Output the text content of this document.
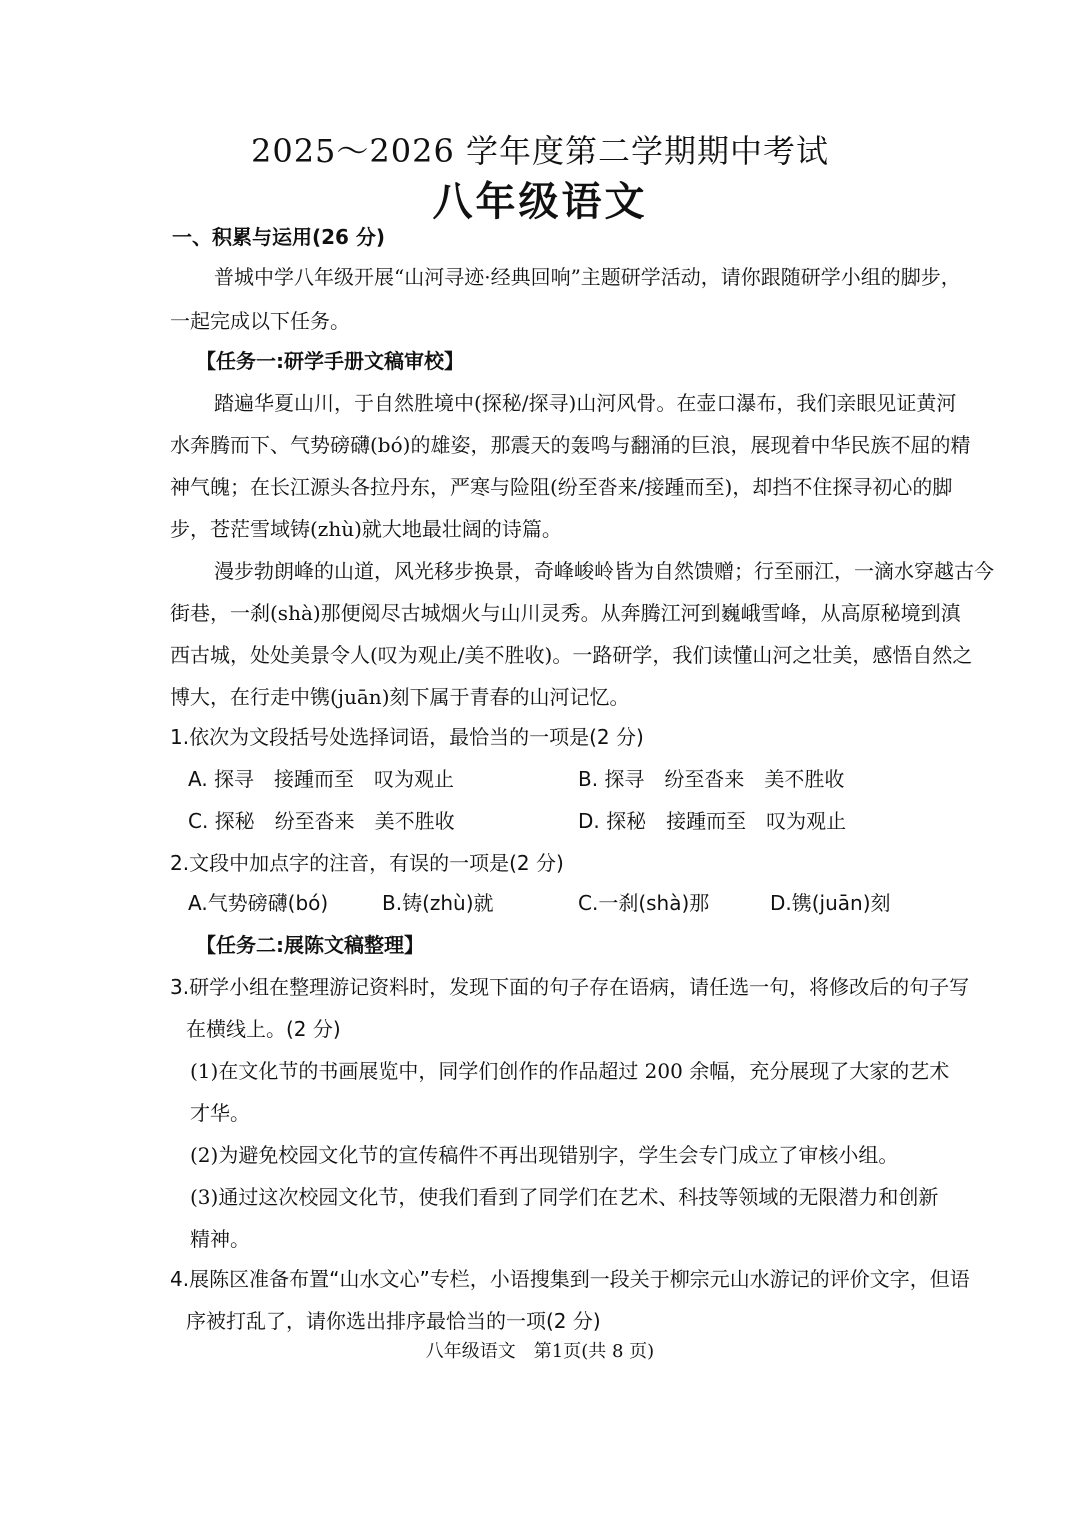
2025～2026 学年度第二学期期中考试
八年级语文
一、积累与运用(26 分)
普城中学八年级开展“山河寻迹·经典回响”主题研学活动，请你跟随研学小组的脚步，
一起完成以下任务。
【任务一:研学手册文稿审校】
踏遍华夏山川，于自然胜境中(探秘/探寻)山河风骨。在壶口瀑布，我们亲眼见证黄河
水奔腾而下、气势磅礴(bó)的雄姿，那震天的轰鸣与翻涌的巨浪，展现着中华民族不屈的精
神气魄；在长江源头各拉丹东，严寒与险阻(纷至沓来/接踵而至)，却挡不住探寻初心的脚
步，苍茫雪域铸(zhù)就大地最壮阔的诗篇。
漫步勃朗峰的山道，风光移步换景，奇峰峻岭皆为自然馈赠；行至丽江，一滴水穿越古今
街巷，一刹(shà)那便阅尽古城烟火与山川灵秀。从奔腾江河到巍峨雪峰，从高原秘境到滇
西古城，处处美景令人(叹为观止/美不胜收)。一路研学，我们读懂山河之壮美，感悟自然之
博大，在行走中镌(juān)刻下属于青春的山河记忆。
1.依次为文段括号处选择词语，最恰当的一项是(2 分)
A. 探寻　接踵而至　叹为观止	B. 探寻　纷至沓来　美不胜收
C. 探秘　纷至沓来　美不胜收	D. 探秘　接踵而至　叹为观止
2.文段中加点字的注音，有误的一项是(2 分)
A.气势磅礴(bó)	B.铸(zhù)就	C.一刹(shà)那	D.镌(juān)刻
【任务二:展陈文稿整理】
3.研学小组在整理游记资料时，发现下面的句子存在语病，请任选一句，将修改后的句子写
在横线上。(2 分)
(1)在文化节的书画展览中，同学们创作的作品超过 200 余幅，充分展现了大家的艺术
才华。
(2)为避免校园文化节的宣传稿件不再出现错别字，学生会专门成立了审核小组。
(3)通过这次校园文化节，使我们看到了同学们在艺术、科技等领域的无限潜力和创新
精神。
4.展陈区准备布置“山水文心”专栏，小语搜集到一段关于柳宗元山水游记的评价文字，但语
序被打乱了，请你选出排序最恰当的一项(2 分)
八年级语文　第1页(共 8 页)
